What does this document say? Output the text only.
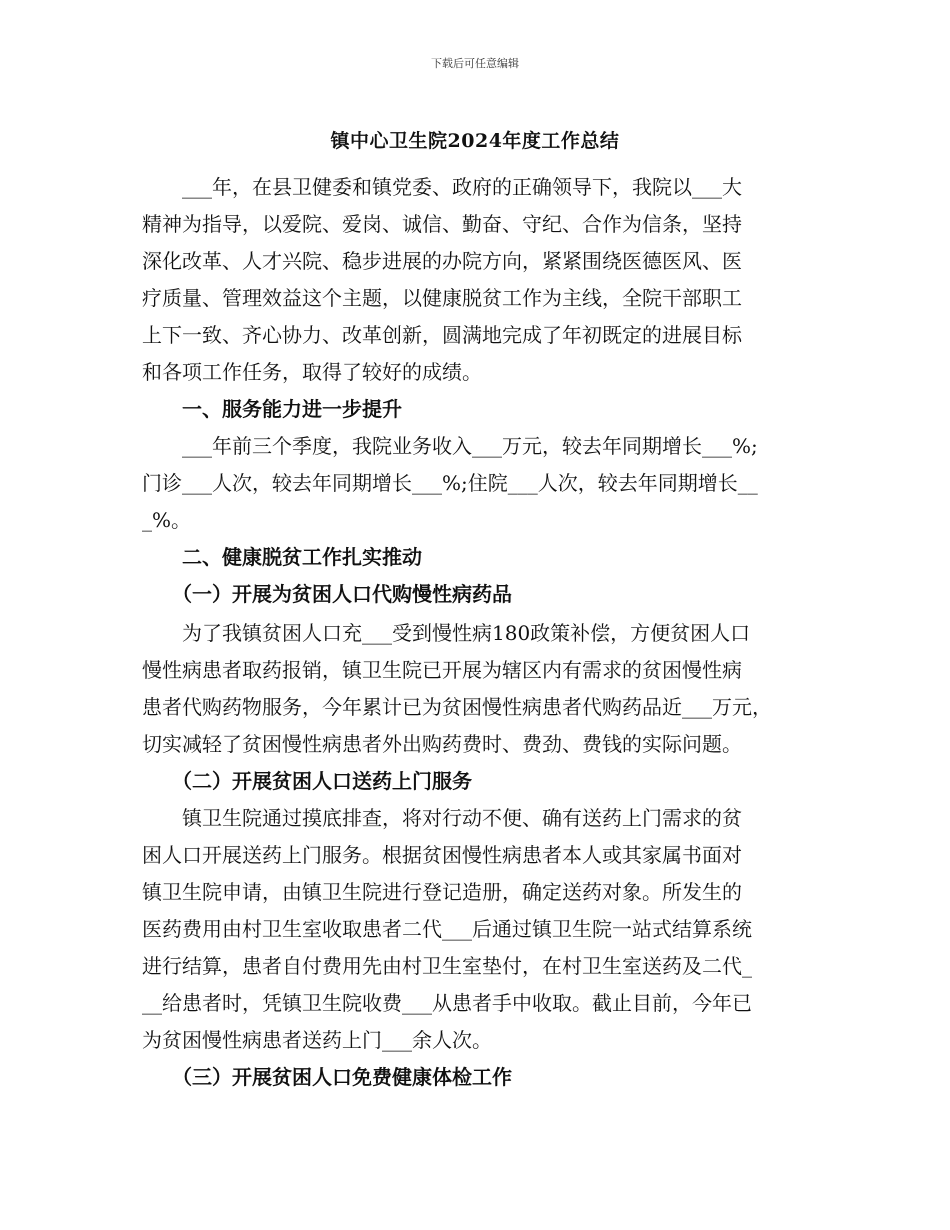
下载后可任意编辑
镇中心卫生院2024年度工作总结
　　___年，在县卫健委和镇党委、政府的正确领导下，我院以___大
精神为指导，以爱院、爱岗、诚信、勤奋、守纪、合作为信条，坚持
深化改革、人才兴院、稳步进展的办院方向，紧紧围绕医德医风、医
疗质量、管理效益这个主题，以健康脱贫工作为主线，全院干部职工
上下一致、齐心协力、改革创新，圆满地完成了年初既定的进展目标
和各项工作任务，取得了较好的成绩。
　　一、服务能力进一步提升
　　___年前三个季度，我院业务收入___万元，较去年同期增长___%;
门诊___人次，较去年同期增长___%;住院___人次，较去年同期增长__
_%。
　　二、健康脱贫工作扎实推动
　　（一）开展为贫困人口代购慢性病药品
　　为了我镇贫困人口充___受到慢性病180政策补偿，方便贫困人口
慢性病患者取药报销，镇卫生院已开展为辖区内有需求的贫困慢性病
患者代购药物服务，今年累计已为贫困慢性病患者代购药品近___万元，
切实减轻了贫困慢性病患者外出购药费时、费劲、费钱的实际问题。
　　（二）开展贫困人口送药上门服务
　　镇卫生院通过摸底排查，将对行动不便、确有送药上门需求的贫
困人口开展送药上门服务。根据贫困慢性病患者本人或其家属书面对
镇卫生院申请，由镇卫生院进行登记造册，确定送药对象。所发生的
医药费用由村卫生室收取患者二代___后通过镇卫生院一站式结算系统
进行结算，患者自付费用先由村卫生室垫付，在村卫生室送药及二代_
__给患者时，凭镇卫生院收费___从患者手中收取。截止目前，今年已
为贫困慢性病患者送药上门___余人次。
　　（三）开展贫困人口免费健康体检工作
